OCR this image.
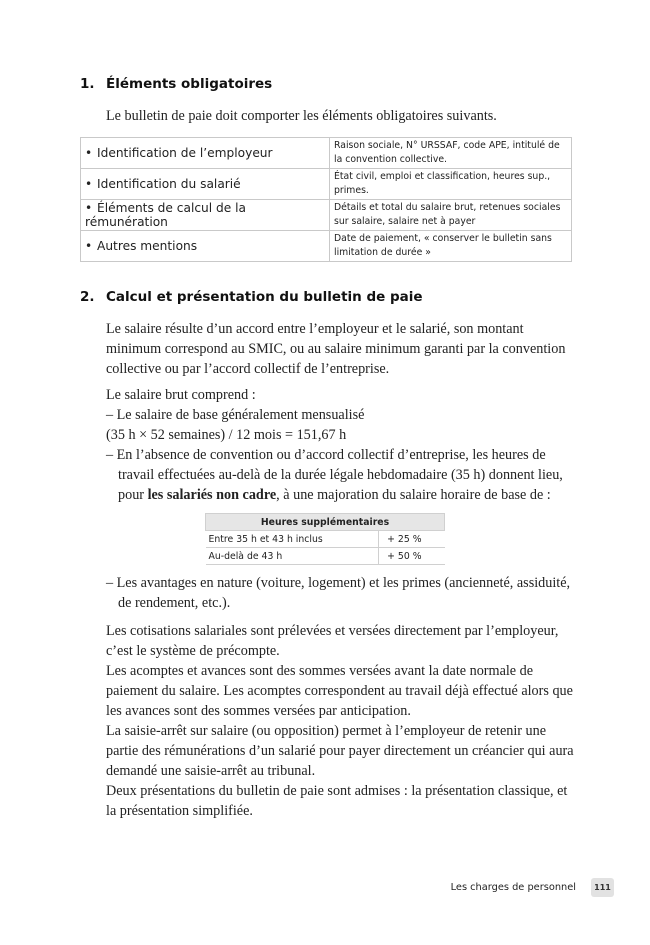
1. Éléments obligatoires

Le bulletin de paie doit comporter les éléments obligatoires suivants.

• Identification de l’employeur	Raison sociale, N° URSSAF, code APE, intitulé de la convention collective.
• Identification du salarié	État civil, emploi et classification, heures sup., primes.
• Éléments de calcul de la rémunération	Détails et total du salaire brut, retenues sociales sur salaire, salaire net à payer
• Autres mentions	Date de paiement, « conserver le bulletin sans limitation de durée »
2. Calcul et présentation du bulletin de paie

Le salaire résulte d’un accord entre l’employeur et le salarié, son montant minimum correspond au SMIC, ou au salaire minimum garanti par la convention collective ou par l’accord collectif de l’entreprise.

Le salaire brut comprend :
– Le salaire de base généralement mensualisé
(35 h × 52 semaines) / 12 mois = 151,67 h
– En l’absence de convention ou d’accord collectif d’entreprise, les heures de travail effectuées au-delà de la durée légale hebdomadaire (35 h) donnent lieu, pour les salariés non cadre, à une majoration du salaire horaire de base de :
Heures supplémentaires	
Entre 35 h et 43 h inclus	+ 25 %
Au-delà de 43 h	+ 50 %
– Les avantages en nature (voiture, logement) et les primes (ancienneté, assiduité, de rendement, etc.).
Les cotisations salariales sont prélevées et versées directement par l’employeur, c’est le système de précompte.
Les acomptes et avances sont des sommes versées avant la date normale de paiement du salaire. Les acomptes correspondent au travail déjà effectué alors que les avances sont des sommes versées par anticipation.
La saisie-arrêt sur salaire (ou opposition) permet à l’employeur de retenir une partie des rémunérations d’un salarié pour payer directement un créancier qui aura demandé une saisie-arrêt au tribunal.
Deux présentations du bulletin de paie sont admises : la présentation classique, et la présentation simplifiée.
Les charges de personnel	111
